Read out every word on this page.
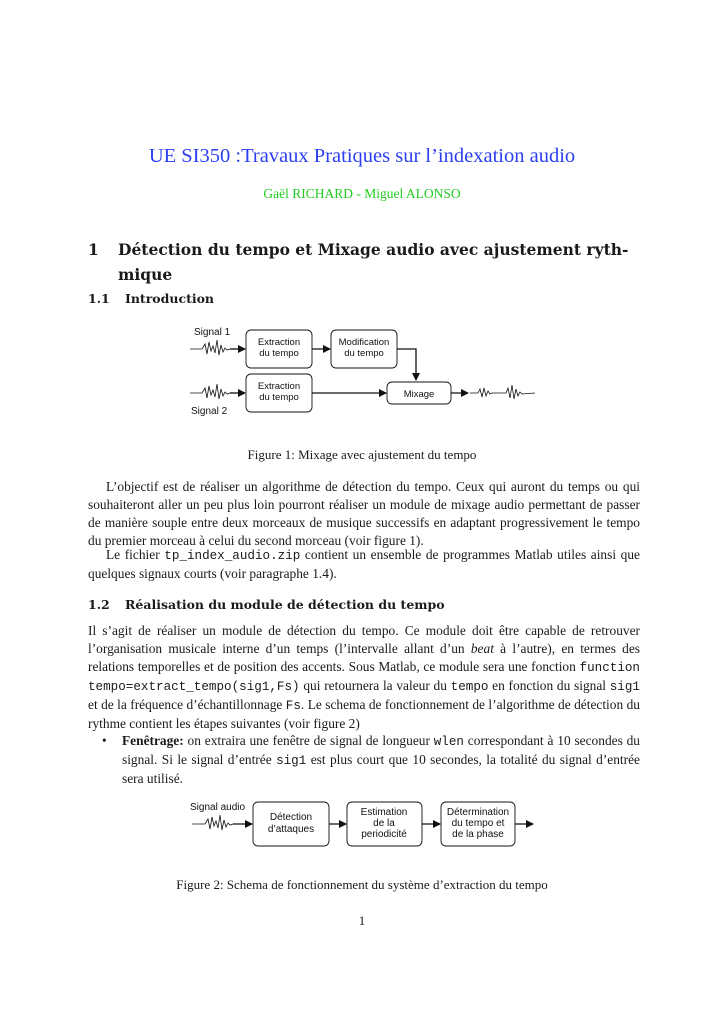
UE SI350 :Travaux Pratiques sur l’indexation audio
Gaël RICHARD - Miguel ALONSO
1	Détection du tempo et Mixage audio avec ajustement ryth-
mique
1.1	Introduction
Signal 1
Extraction
du tempo
Modification
du tempo
Signal 2
Extraction
du tempo	Mixage
Figure 1: Mixage avec ajustement du tempo

L’objectif est de réaliser un algorithme de détection du tempo. Ceux qui auront du temps ou qui souhaiteront aller un peu plus loin pourront réaliser un module de mixage audio permettant de passer de manière souple entre deux morceaux de musique successifs en adaptant progressivement le tempo du premier morceau à celui du second morceau (voir figure 1).

Le fichier tp_index_audio.zip contient un ensemble de programmes Matlab utiles ainsi que quelques signaux courts (voir paragraphe 1.4).

1.2	Réalisation du module de détection du tempo

Il s’agit de réaliser un module de détection du tempo. Ce module doit être capable de retrouver l’organisation musicale interne d’un temps (l’intervalle allant d’un beat à l’autre), en termes des relations temporelles et de position des accents. Sous Matlab, ce module sera une fonction function tempo=extract_tempo(sig1,Fs) qui retournera la valeur du tempo en fonction du signal sig1 et de la fréquence d’échantillonnage Fs. Le schema de fonctionnement de l’algorithme de détection du rythme contient les étapes suivantes (voir figure 2)

• Fenêtrage: on extraira une fenêtre de signal de longueur wlen correspondant à 10 secondes du signal. Si le signal d’entrée sig1 est plus court que 10 secondes, la totalité du signal d’entrée sera utilisé.
Signal audio
Détection
d’attaques
Estimation
de la
periodicité
Détermination
du tempo et
de la phase
Figure 2: Schema de fonctionnement du système d’extraction du tempo
1
